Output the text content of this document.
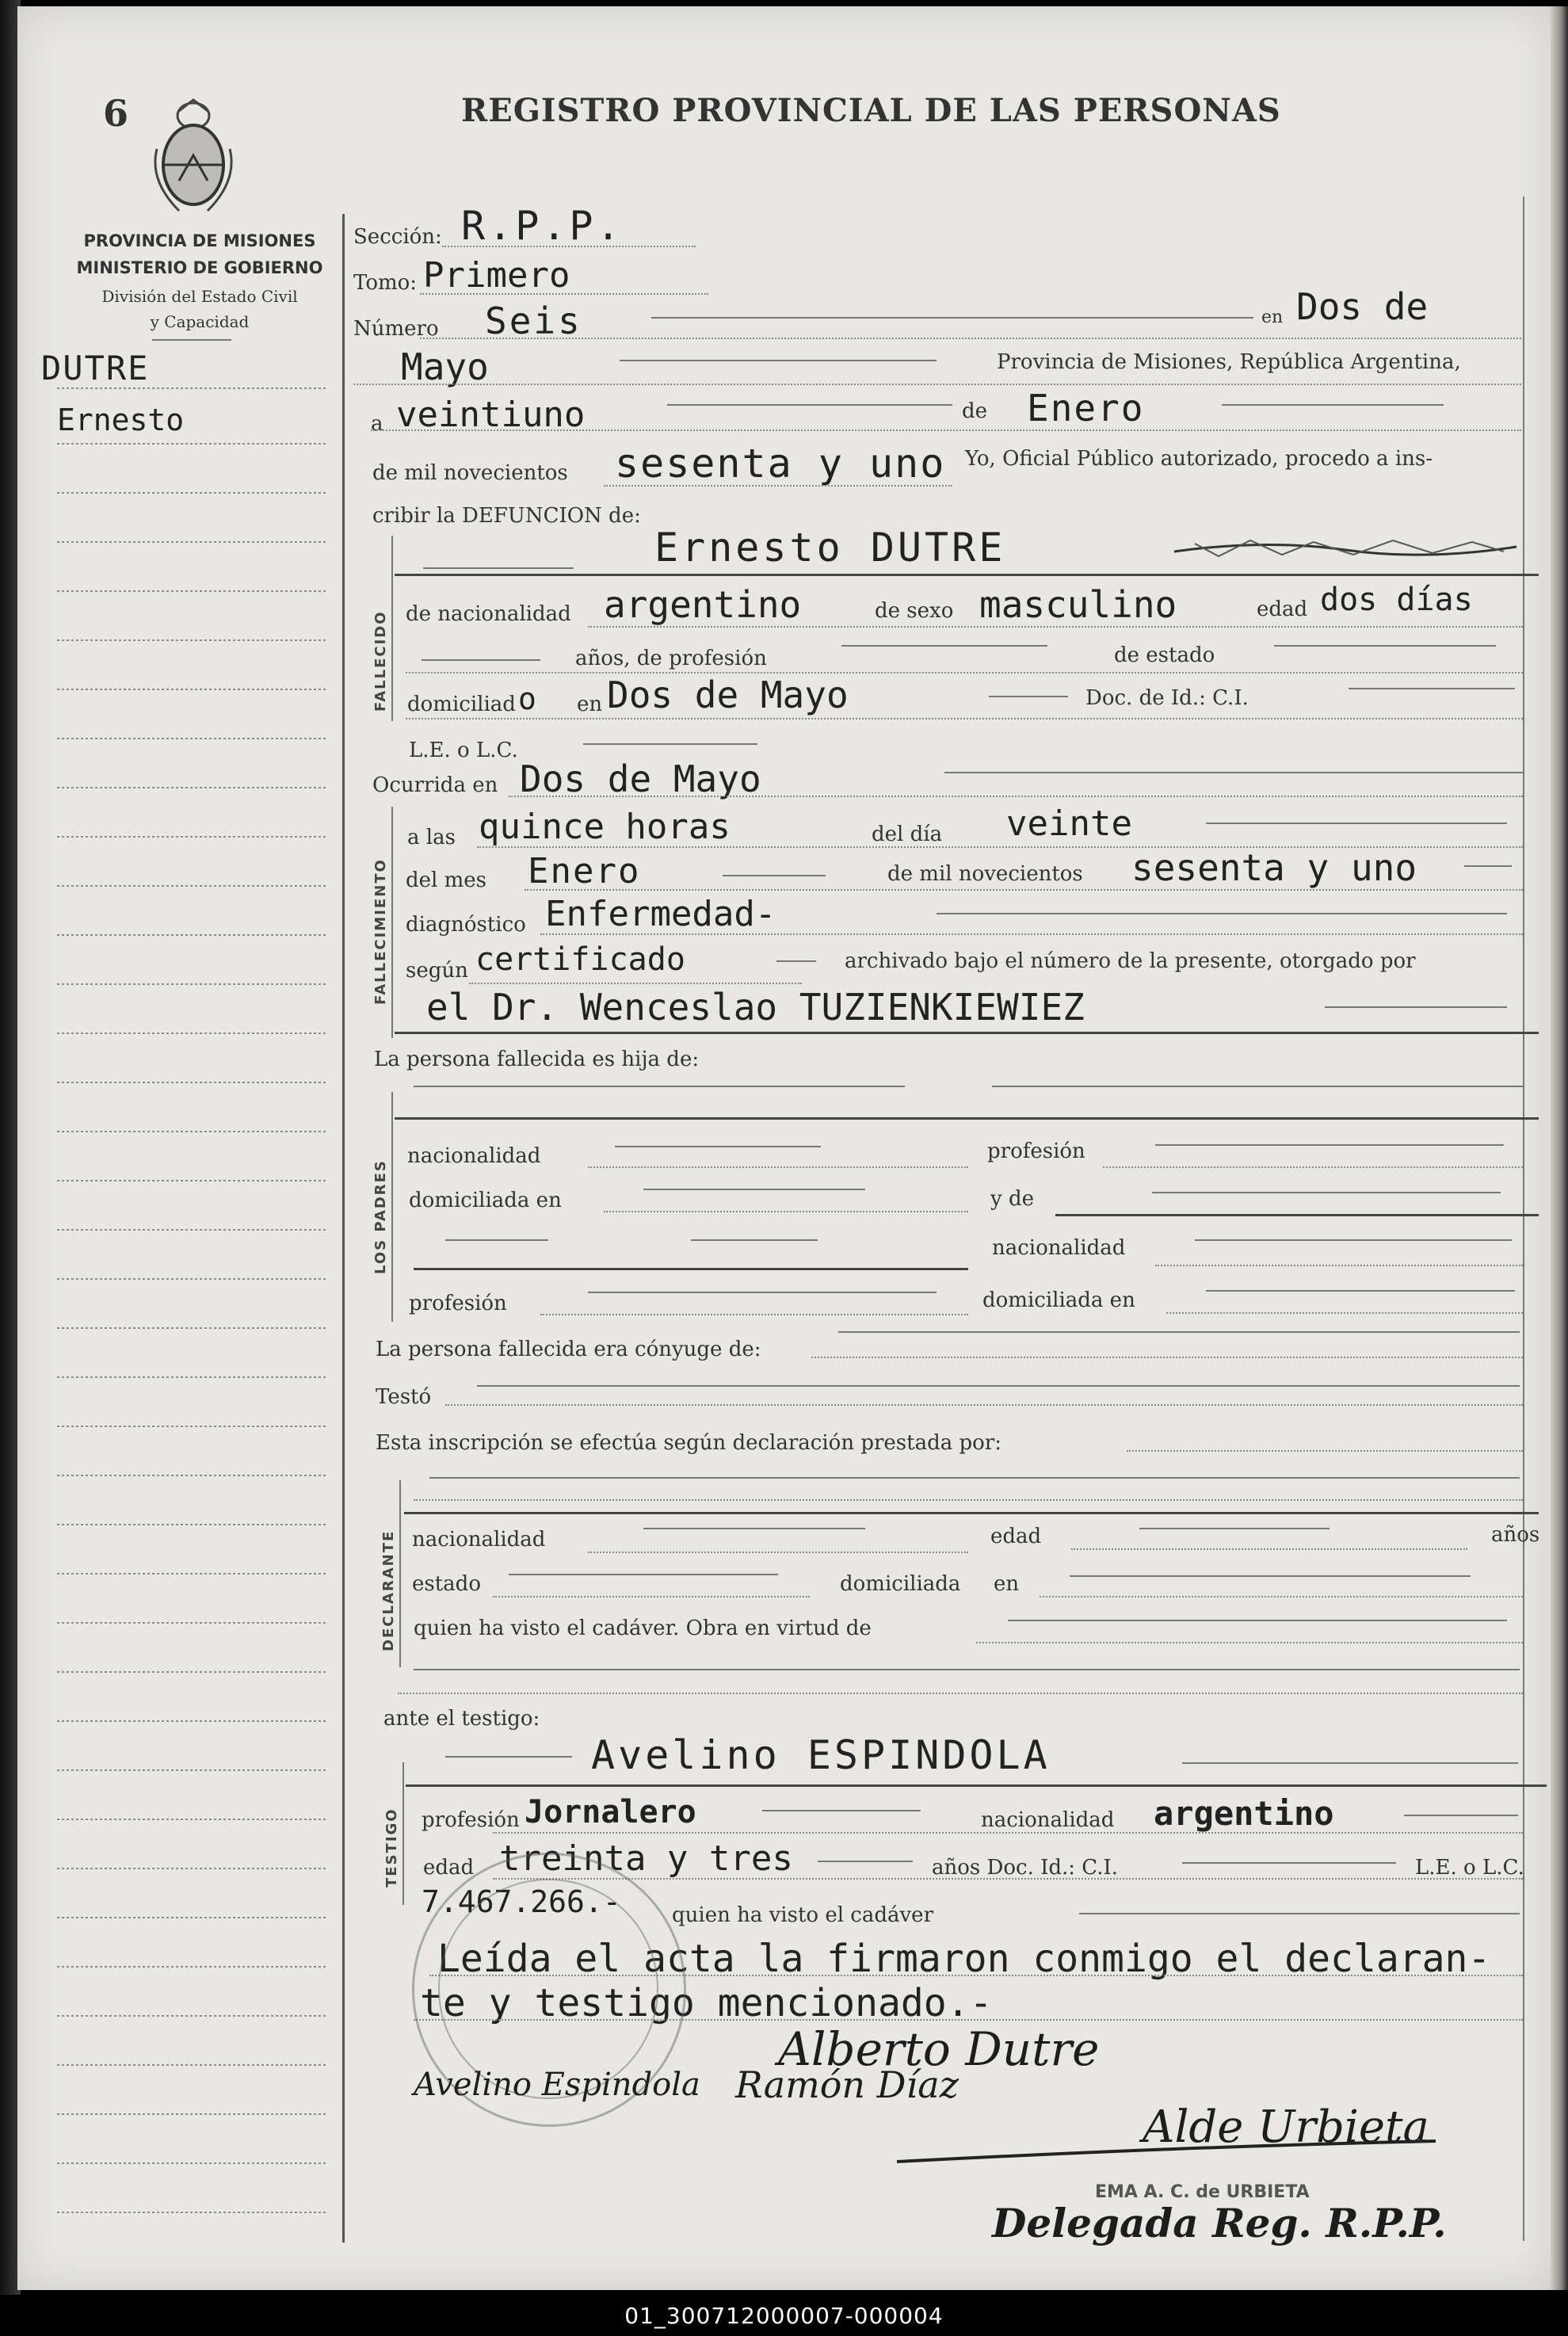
6	REGISTRO PROVINCIAL DE LAS PERSONAS
PROVINCIA DE MISIONES
MINISTERIO DE GOBIERNO
División del Estado Civil
y Capacidad
DUTRE
Ernesto
Sección: R.P.P.
Tomo: Primero
Número Seis	en Dos de
Mayo	Provincia de Misiones, República Argentina,
a veintiuno	de Enero
de mil novecientos sesenta y uno Yo, Oficial Público autorizado, procedo a ins-
cribir la DEFUNCION de:
FALLECIDO
Ernesto DUTRE
de nacionalidad argentino	de sexo masculino	edad dos días
años, de profesión	de estado
domiciliad o en Dos de Mayo	Doc. de Id.: C.I.
L.E. o L.C.
Ocurrida en Dos de Mayo
FALLECIMIENTO
a las quince horas	del día veinte
del mes Enero	de mil novecientos sesenta y uno
diagnóstico Enfermedad-
según certificado	archivado bajo el número de la presente, otorgado por
el Dr. Wenceslao TUZIENKIEWIEZ
La persona fallecida es hija de:
LOS PADRES
nacionalidad	profesión
domiciliada en	y de
nacionalidad
profesión	domiciliada en
La persona fallecida era cónyuge de:
Testó
Esta inscripción se efectúa según declaración prestada por:
DECLARANTE nacionalidad	edad	años
estado	domiciliada en
quien ha visto el cadáver. Obra en virtud de
ante el testigo:
Avelino ESPINDOLA
TESTIGO profesión Jornalero	nacionalidad argentino
edad treinta y tres	años Doc. Id.: C.I.	L.E. o L.C.
7.467.266.- quien ha visto el cadáver
Leída el acta la firmaron conmigo el declaran-
te y testigo mencionado.-
Alberto Dutre
Avelino Espindola Ramón Díaz
Alde Urbieta
EMA A. C. de URBIETA
Delegada Reg. R.P.P.
01_300712000007-000004
